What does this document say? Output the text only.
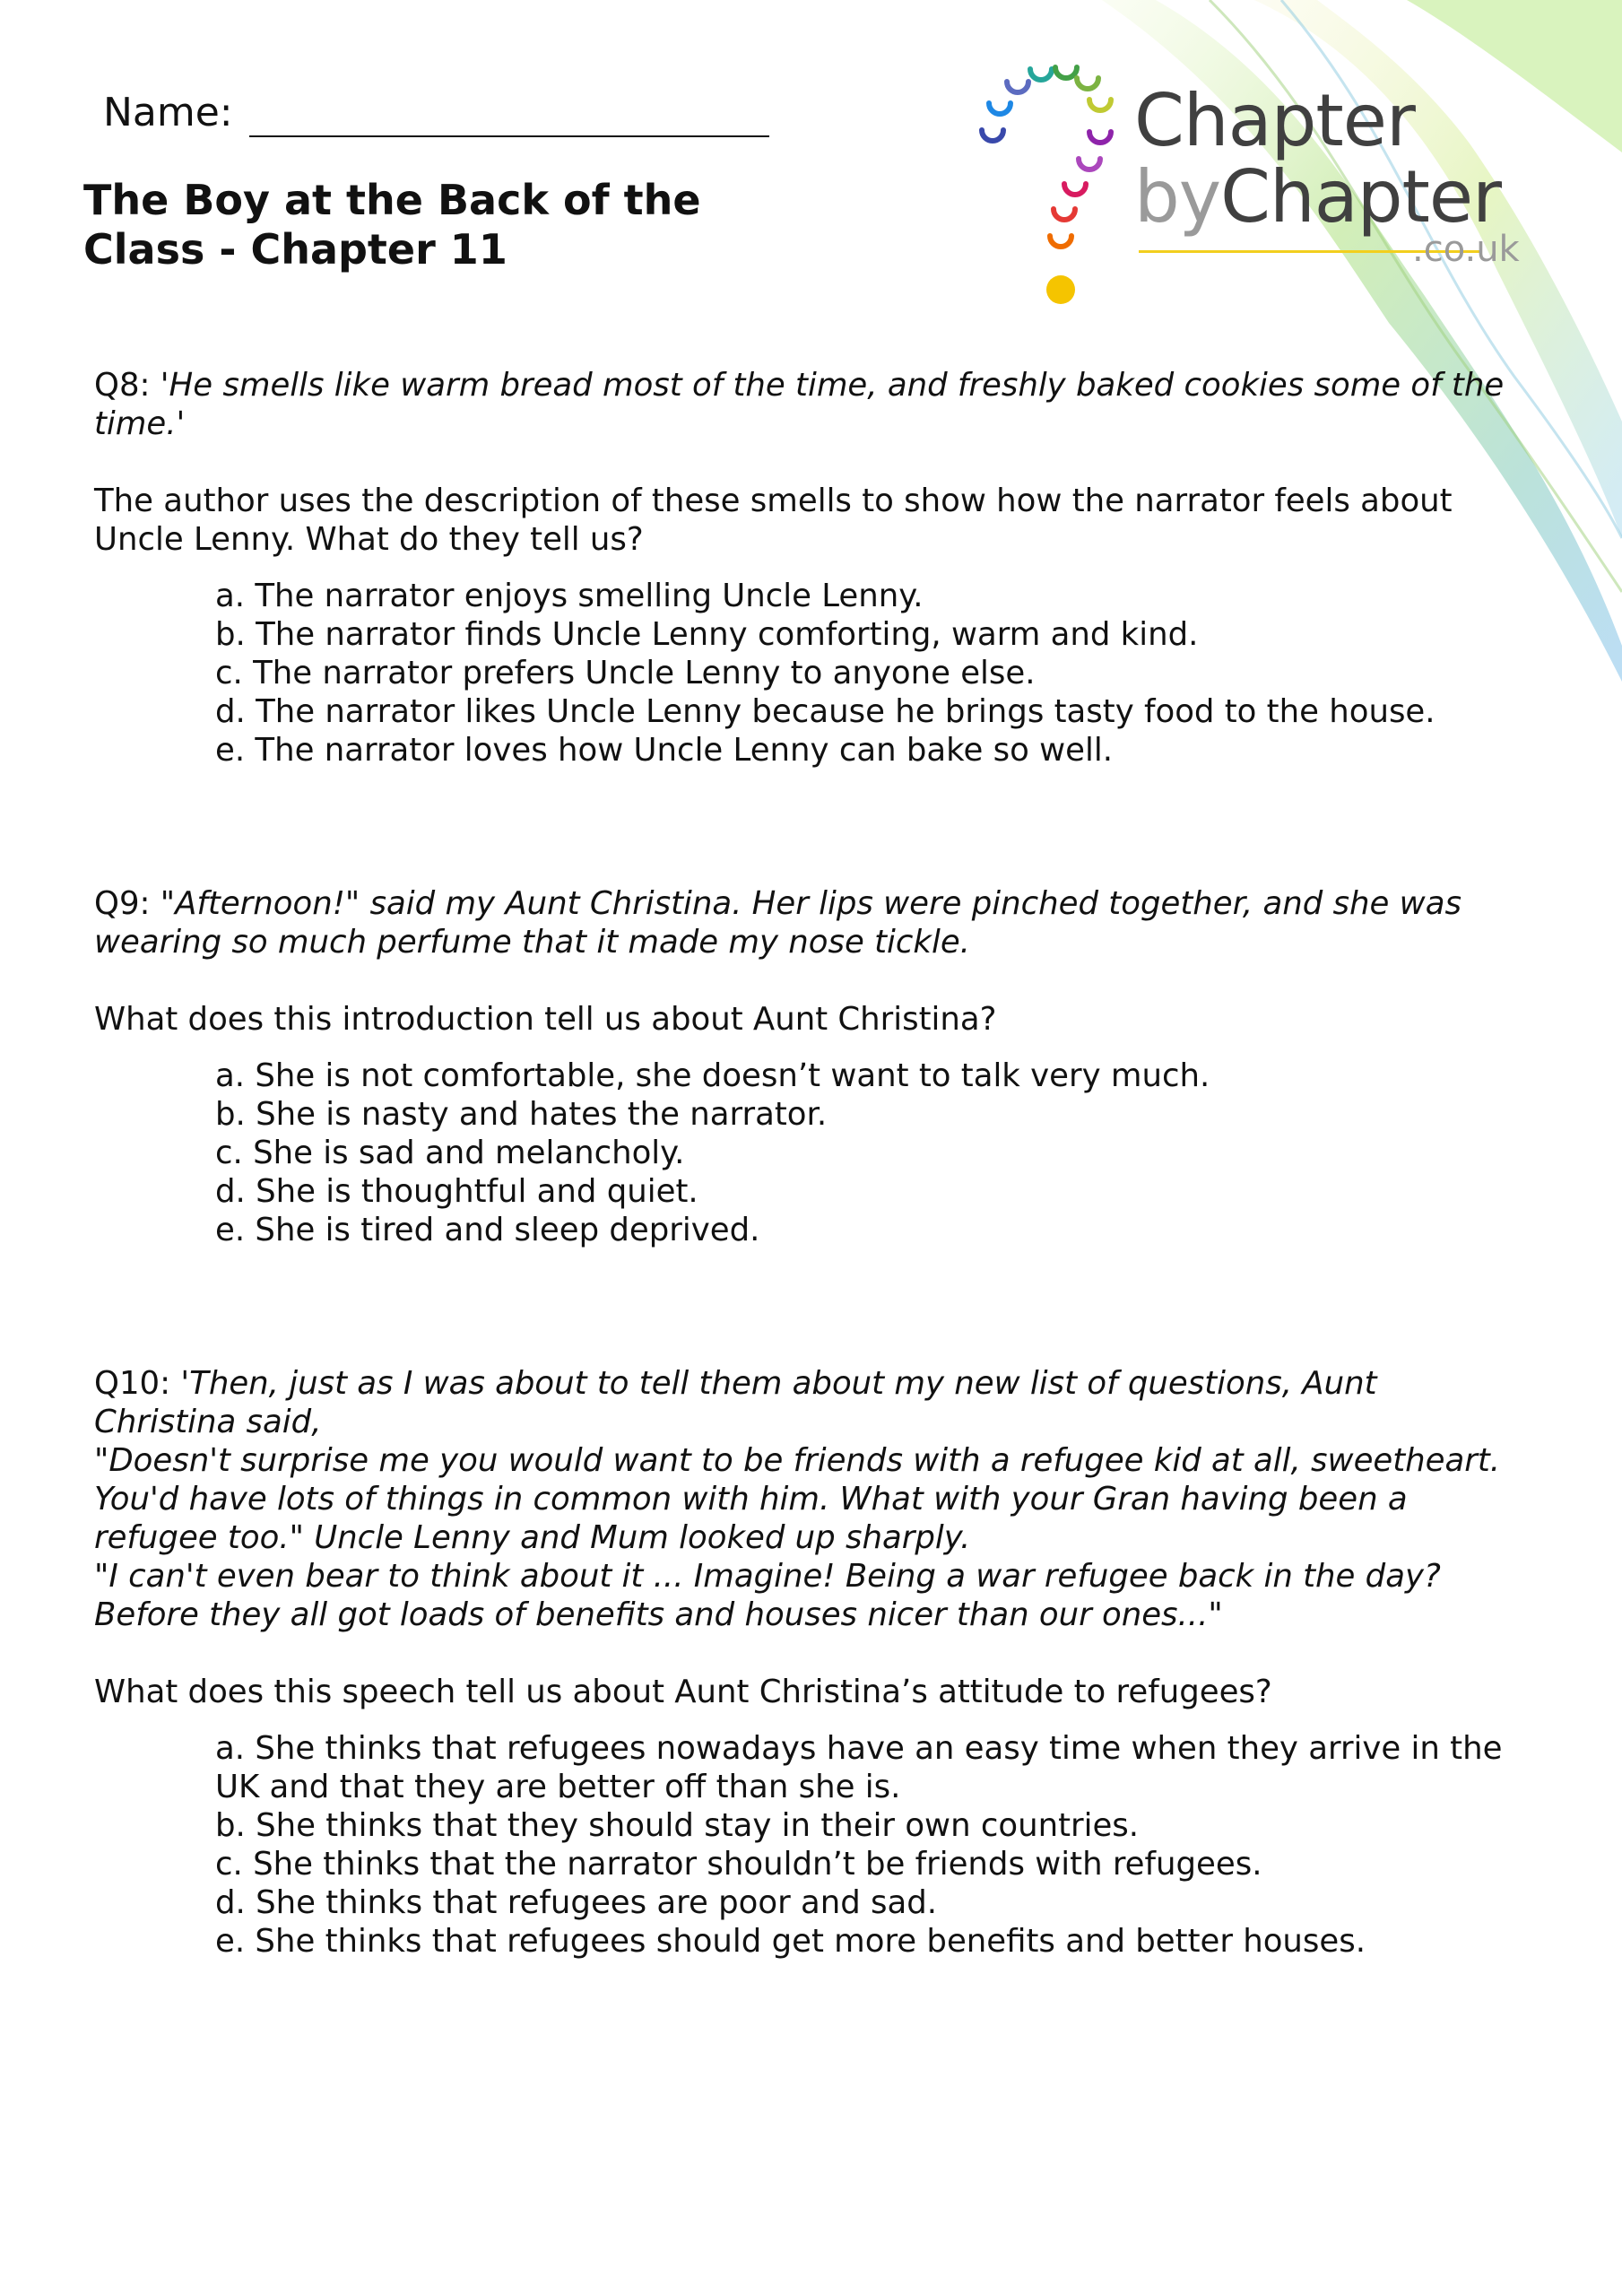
Chapter
byChapter
.co.uk
Name:
The Boy at the Back of the Class - Chapter 11

Q8: 'He smells like warm bread most of the time, and freshly baked cookies some of the time.'

The author uses the description of these smells to show how the narrator feels about Uncle Lenny. What do they tell us?

a. The narrator enjoys smelling Uncle Lenny.
b. The narrator finds Uncle Lenny comforting, warm and kind.
c. The narrator prefers Uncle Lenny to anyone else.
d. The narrator likes Uncle Lenny because he brings tasty food to the house.
e. The narrator loves how Uncle Lenny can bake so well.

Q9: "Afternoon!" said my Aunt Christina. Her lips were pinched together, and she was wearing so much perfume that it made my nose tickle.

What does this introduction tell us about Aunt Christina?

a. She is not comfortable, she doesn’t want to talk very much.
b. She is nasty and hates the narrator.
c. She is sad and melancholy.
d. She is thoughtful and quiet.
e. She is tired and sleep deprived.

Q10: 'Then, just as I was about to tell them about my new list of questions, Aunt Christina said,

"Doesn't surprise me you would want to be friends with a refugee kid at all, sweetheart. You'd have lots of things in common with him. What with your Gran having been a refugee too." Uncle Lenny and Mum looked up sharply.

"I can't even bear to think about it ... Imagine! Being a war refugee back in the day? Before they all got loads of benefits and houses nicer than our ones..."

What does this speech tell us about Aunt Christina’s attitude to refugees?

a. She thinks that refugees nowadays have an easy time when they arrive in the UK and that they are better off than she is.
b. She thinks that they should stay in their own countries.
c. She thinks that the narrator shouldn’t be friends with refugees.
d. She thinks that refugees are poor and sad.
e. She thinks that refugees should get more benefits and better houses.
